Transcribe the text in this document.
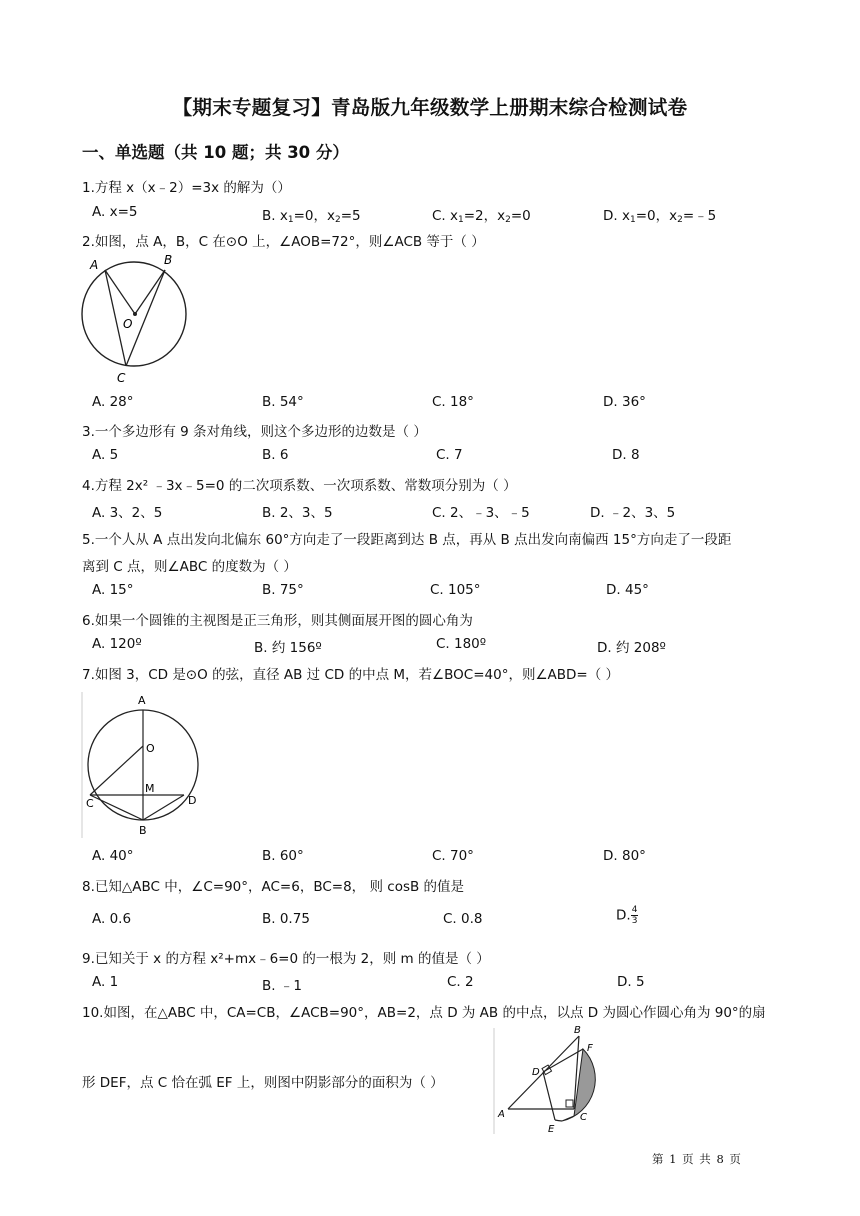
【期末专题复习】青岛版九年级数学上册期末综合检测试卷
一、单选题（共 10 题；共 30 分）
1.方程 x（x﹣2）=3x 的解为（）
A. x=5	B. $x_1=0$，$x_2=5$	C. $x_1=2$，$x_2=0$	D. $x_1=0$，$x_2=﹣5$
2.如图，点 A，B，C 在⊙O 上，∠AOB=72°，则∠ACB 等于（ ）
A	B
O
C
A. 28°	B. 54°	C. 18°	D. 36°
3.一个多边形有 9 条对角线，则这个多边形的边数是（ ）
A. 5	B. 6	C. 7	D. 8
4.方程 2x² ﹣3x﹣5=0 的二次项系数、一次项系数、常数项分别为（ ）
A. 3、2、5	B. 2、3、5	C. 2、﹣3、﹣5	D. ﹣2、3、5
5.一个人从 A 点出发向北偏东 60°方向走了一段距离到达 B 点，再从 B 点出发向南偏西 15°方向走了一段距
离到 C 点，则∠ABC 的度数为（ ）
A. 15°	B. 75°	C. 105°	D. 45°
6.如果一个圆锥的主视图是正三角形，则其侧面展开图的圆心角为
A. 120º	B. 约 156º	C. 180º	D. 约 208º
7.如图 3，CD 是⊙O 的弦，直径 AB 过 CD 的中点 M，若∠BOC=40°，则∠ABD=（ ）
A
O
M
C	D
B
A. 40°	B. 60°	C. 70°	D. 80°
8.已知△ABC 中，∠C=90°，AC=6，BC=8， 则 cosB 的值是
A. 0.6	B. 0.75	C. 0.8	D. $\frac{4}{3}$
9.已知关于 x 的方程 x²+mx﹣6=0 的一根为 2，则 m 的值是（ ）
A. 1	B. ﹣1	C. 2	D. 5
10.如图，在△ABC 中，CA=CB，∠ACB=90°，AB=2，点 D 为 AB 的中点，以点 D 为圆心作圆心角为 90°的扇
形 DEF，点 C 恰在弧 EF 上，则图中阴影部分的面积为（ ）
A
B
C
D
E
F
第 1 页 共 8 页
